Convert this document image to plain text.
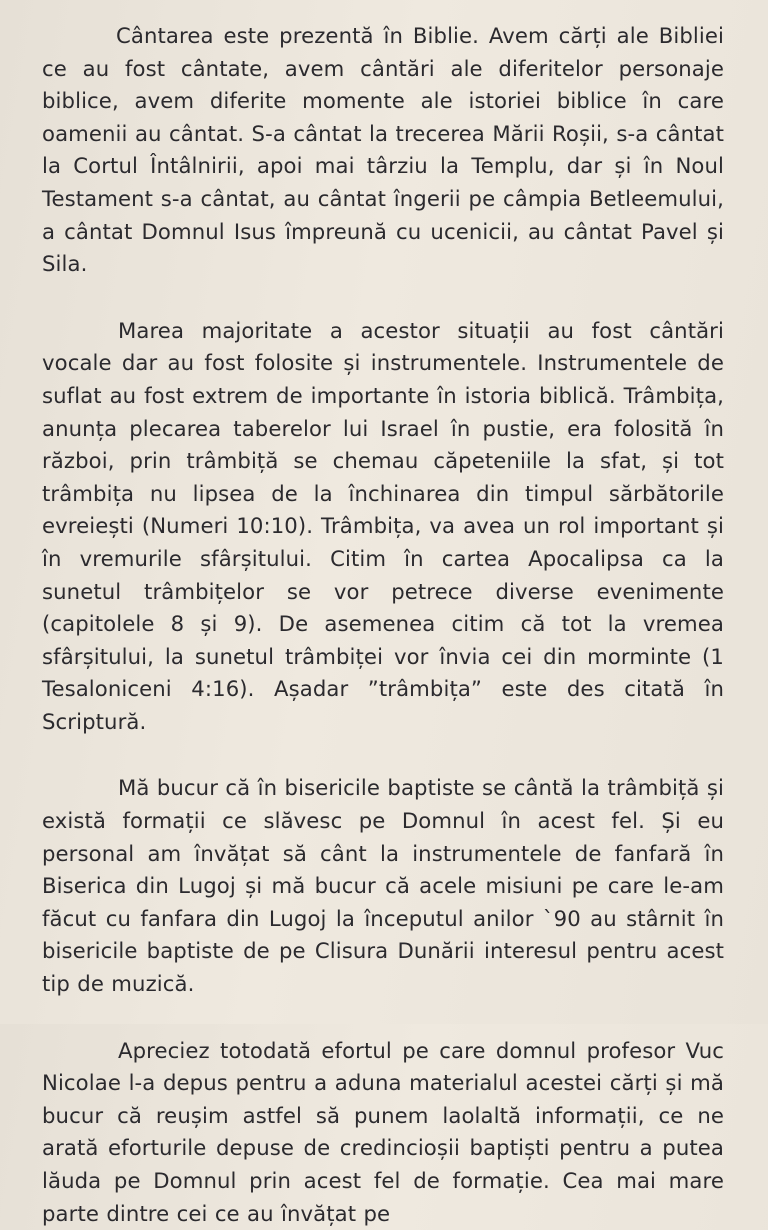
Cântarea este prezentă în Biblie. Avem cărți ale Bibliei ce au fost cântate, avem cântări ale diferitelor personaje biblice, avem diferite momente ale istoriei biblice în care oamenii au cântat. S-a cântat la trecerea Mării Roșii, s-a cântat la Cortul Întâlnirii, apoi mai târziu la Templu, dar și în Noul Testament s-a cântat, au cântat îngerii pe câmpia Betleemului, a cântat Domnul Isus împreună cu ucenicii, au cântat Pavel și Sila.

Marea majoritate a acestor situații au fost cântări vocale dar au fost folosite și instrumentele. Instrumentele de suflat au fost extrem de importante în istoria biblică. Trâmbița, anunța plecarea taberelor lui Israel în pustie, era folosită în război, prin trâmbiță se chemau căpeteniile la sfat, și tot trâmbița nu lipsea de la închinarea din timpul sărbătorile evreiești (Numeri 10:10). Trâmbița, va avea un rol important și în vremurile sfârșitului. Citim în cartea Apocalipsa ca la sunetul trâmbițelor se vor petrece diverse evenimente (capitolele 8 și 9). De asemenea citim că tot la vremea sfârșitului, la sunetul trâmbiței vor învia cei din morminte (1 Tesaloniceni 4:16). Așadar ”trâmbița” este des citată în Scriptură.

Mă bucur că în bisericile baptiste se cântă la trâmbiță și există formații ce slăvesc pe Domnul în acest fel. Și eu personal am învățat să cânt la instrumentele de fanfară în Biserica din Lugoj și mă bucur că acele misiuni pe care le-am făcut cu fanfara din Lugoj la începutul anilor `90 au stârnit în bisericile baptiste de pe Clisura Dunării interesul pentru acest tip de muzică.

Apreciez totodată efortul pe care domnul profesor Vuc Nicolae l-a depus pentru a aduna materialul acestei cărți și mă bucur că reușim astfel să punem laolaltă informații, ce ne arată eforturile depuse de credincioșii baptiști pentru a putea lăuda pe Domnul prin acest fel de formație. Cea mai mare parte dintre cei ce au învățat pe
